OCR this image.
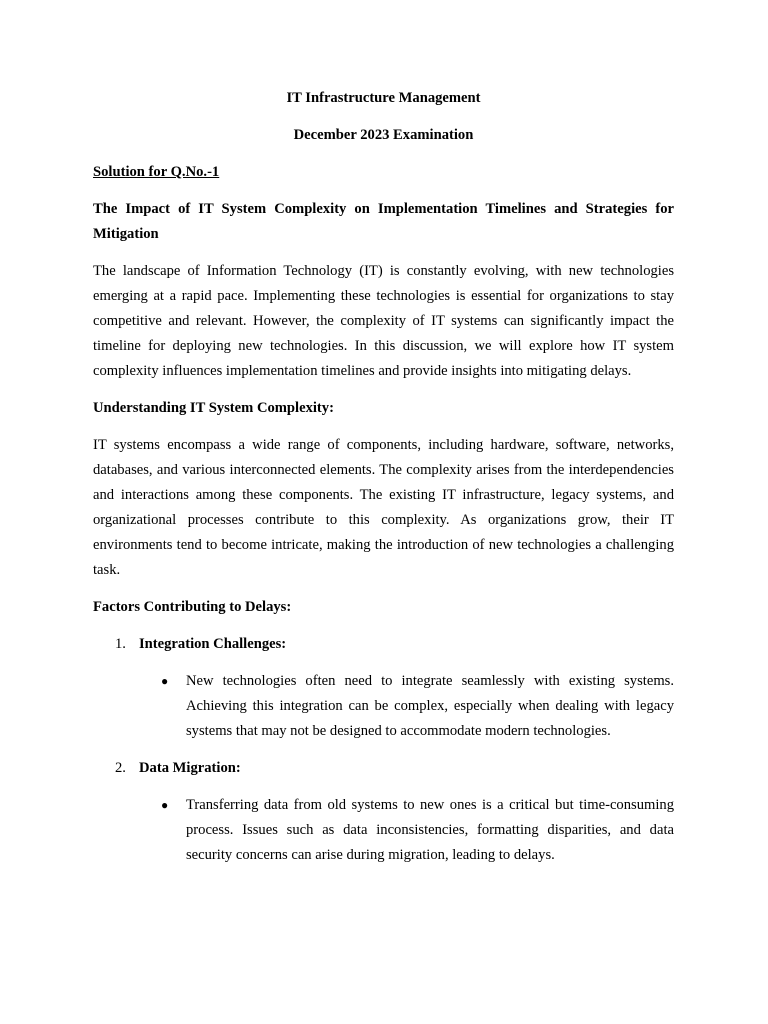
IT Infrastructure Management

December 2023 Examination

Solution for Q.No.-1

The Impact of IT System Complexity on Implementation Timelines and Strategies for Mitigation

The landscape of Information Technology (IT) is constantly evolving, with new technologies emerging at a rapid pace. Implementing these technologies is essential for organizations to stay competitive and relevant. However, the complexity of IT systems can significantly impact the timeline for deploying new technologies. In this discussion, we will explore how IT system complexity influences implementation timelines and provide insights into mitigating delays.

Understanding IT System Complexity:

IT systems encompass a wide range of components, including hardware, software, networks, databases, and various interconnected elements. The complexity arises from the interdependencies and interactions among these components. The existing IT infrastructure, legacy systems, and organizational processes contribute to this complexity. As organizations grow, their IT environments tend to become intricate, making the introduction of new technologies a challenging task.

Factors Contributing to Delays:

1. Integration Challenges:

● New technologies often need to integrate seamlessly with existing systems. Achieving this integration can be complex, especially when dealing with legacy systems that may not be designed to accommodate modern technologies.

2. Data Migration:

● Transferring data from old systems to new ones is a critical but time-consuming process. Issues such as data inconsistencies, formatting disparities, and data security concerns can arise during migration, leading to delays.
